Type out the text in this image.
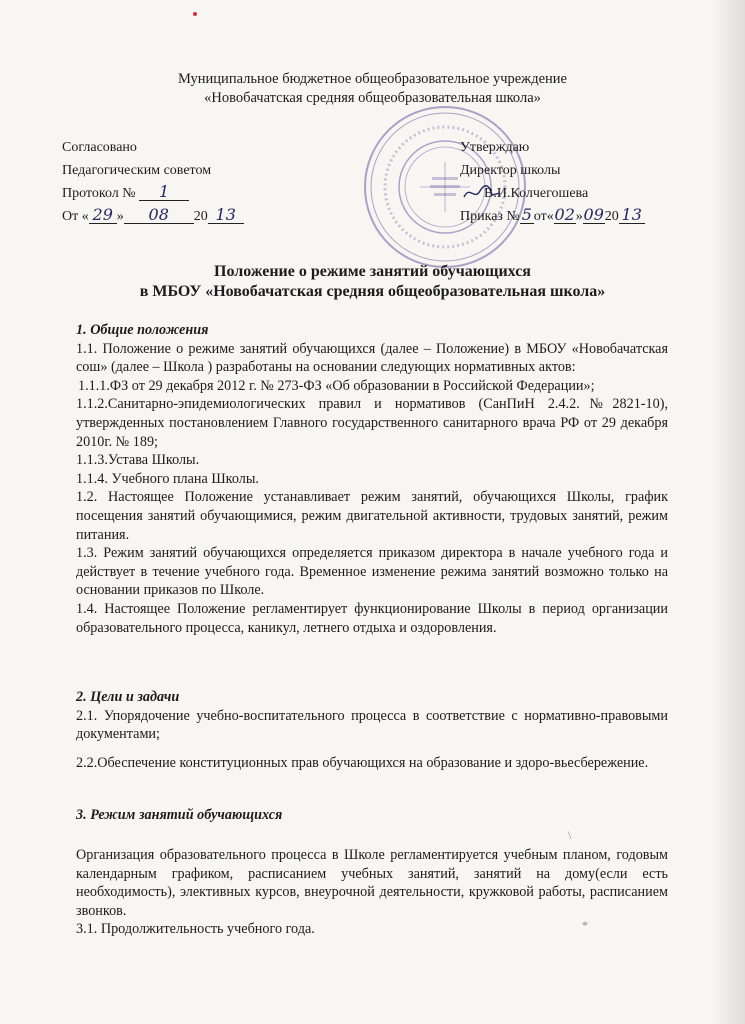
Муниципальное бюджетное общеобразовательное учреждение
«Новобачатская средняя общеобразовательная школа»
Согласовано
Педагогическим советом
Протокол № 1
От « 29 » 08 20 13
Утверждаю
Директор школы
В.И.Колчегошева
Приказ № 5 от«02»0920 13
Положение о режиме занятий обучающихся
в МБОУ «Новобачатская средняя общеобразовательная школа»

1. Общие положения

1.1. Положение о режиме занятий обучающихся (далее – Положение) в МБОУ «Новобачатская сош» (далее – Школа ) разработаны на основании следующих нормативных актов:

1.1.1.ФЗ от 29 декабря 2012 г. № 273-ФЗ «Об образовании в Российской Федерации»;

1.1.2.Санитарно-эпидемиологических правил и нормативов (СанПиН 2.4.2.№2821-10), утвержденных постановлением Главного государственного санитарного врача РФ от 29 декабря 2010г. № 189;

1.1.3.Устава Школы.

1.1.4. Учебного плана Школы.

1.2. Настоящее Положение устанавливает режим занятий, обучающихся Школы, график посещения занятий обучающимися, режим двигательной активности, трудовых занятий, режим питания.

1.3. Режим занятий обучающихся определяется приказом директора в начале учебного года и действует в течение учебного года. Временное изменение режима занятий возможно только на основании приказов по Школе.

1.4. Настоящее Положение регламентирует функционирование Школы в период организации образовательного процесса, каникул, летнего отдыха и оздоровления.

2. Цели и задачи

2.1. Упорядочение учебно-воспитательного процесса в соответствие с нормативно-правовыми документами;

2.2.Обеспечение конституционных прав обучающихся на образование и здоро-вьесбережение.

3. Режим занятий обучающихся

Организация образовательного процесса в Школе регламентируется учебным планом, годовым календарным графиком, расписанием учебных занятий, занятий на дому(если есть необходимость), элективных курсов, внеурочной деятельности, кружковой работы, расписанием звонков.

3.1. Продолжительность учебного года.

\
*
